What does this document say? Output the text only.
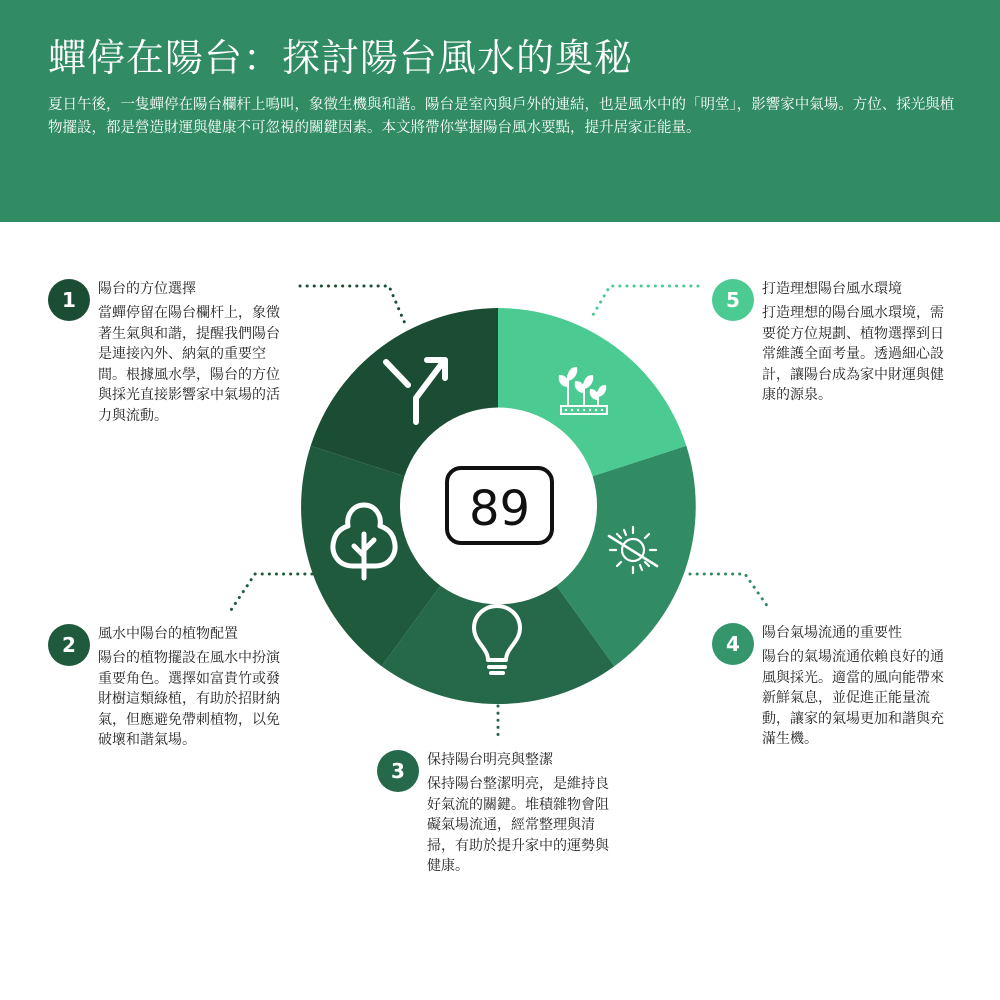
蟬停在陽台：探討陽台風水的奧秘

夏日午後，一隻蟬停在陽台欄杆上鳴叫，象徵生機與和諧。陽台是室內與戶外的連結，也是風水中的「明堂」，影響家中氣場。方位、採光與植物擺設，都是營造財運與健康不可忽視的關鍵因素。本文將帶你掌握陽台風水要點，提升居家正能量。

89
1	陽台的方位選擇
當蟬停留在陽台欄杆上，象徵著生氣與和諧，提醒我們陽台是連接內外、納氣的重要空間。根據風水學，陽台的方位與採光直接影響家中氣場的活力與流動。
2	風水中陽台的植物配置
陽台的植物擺設在風水中扮演重要角色。選擇如富貴竹或發財樹這類綠植，有助於招財納氣，但應避免帶刺植物，以免破壞和諧氣場。
3	保持陽台明亮與整潔
保持陽台整潔明亮，是維持良好氣流的關鍵。堆積雜物會阻礙氣場流通，經常整理與清掃，有助於提升家中的運勢與健康。
4	陽台氣場流通的重要性
陽台的氣場流通依賴良好的通風與採光。適當的風向能帶來新鮮氣息，並促進正能量流動，讓家的氣場更加和諧與充滿生機。
5	打造理想陽台風水環境
打造理想的陽台風水環境，需要從方位規劃、植物選擇到日常維護全面考量。透過細心設計，讓陽台成為家中財運與健康的源泉。
